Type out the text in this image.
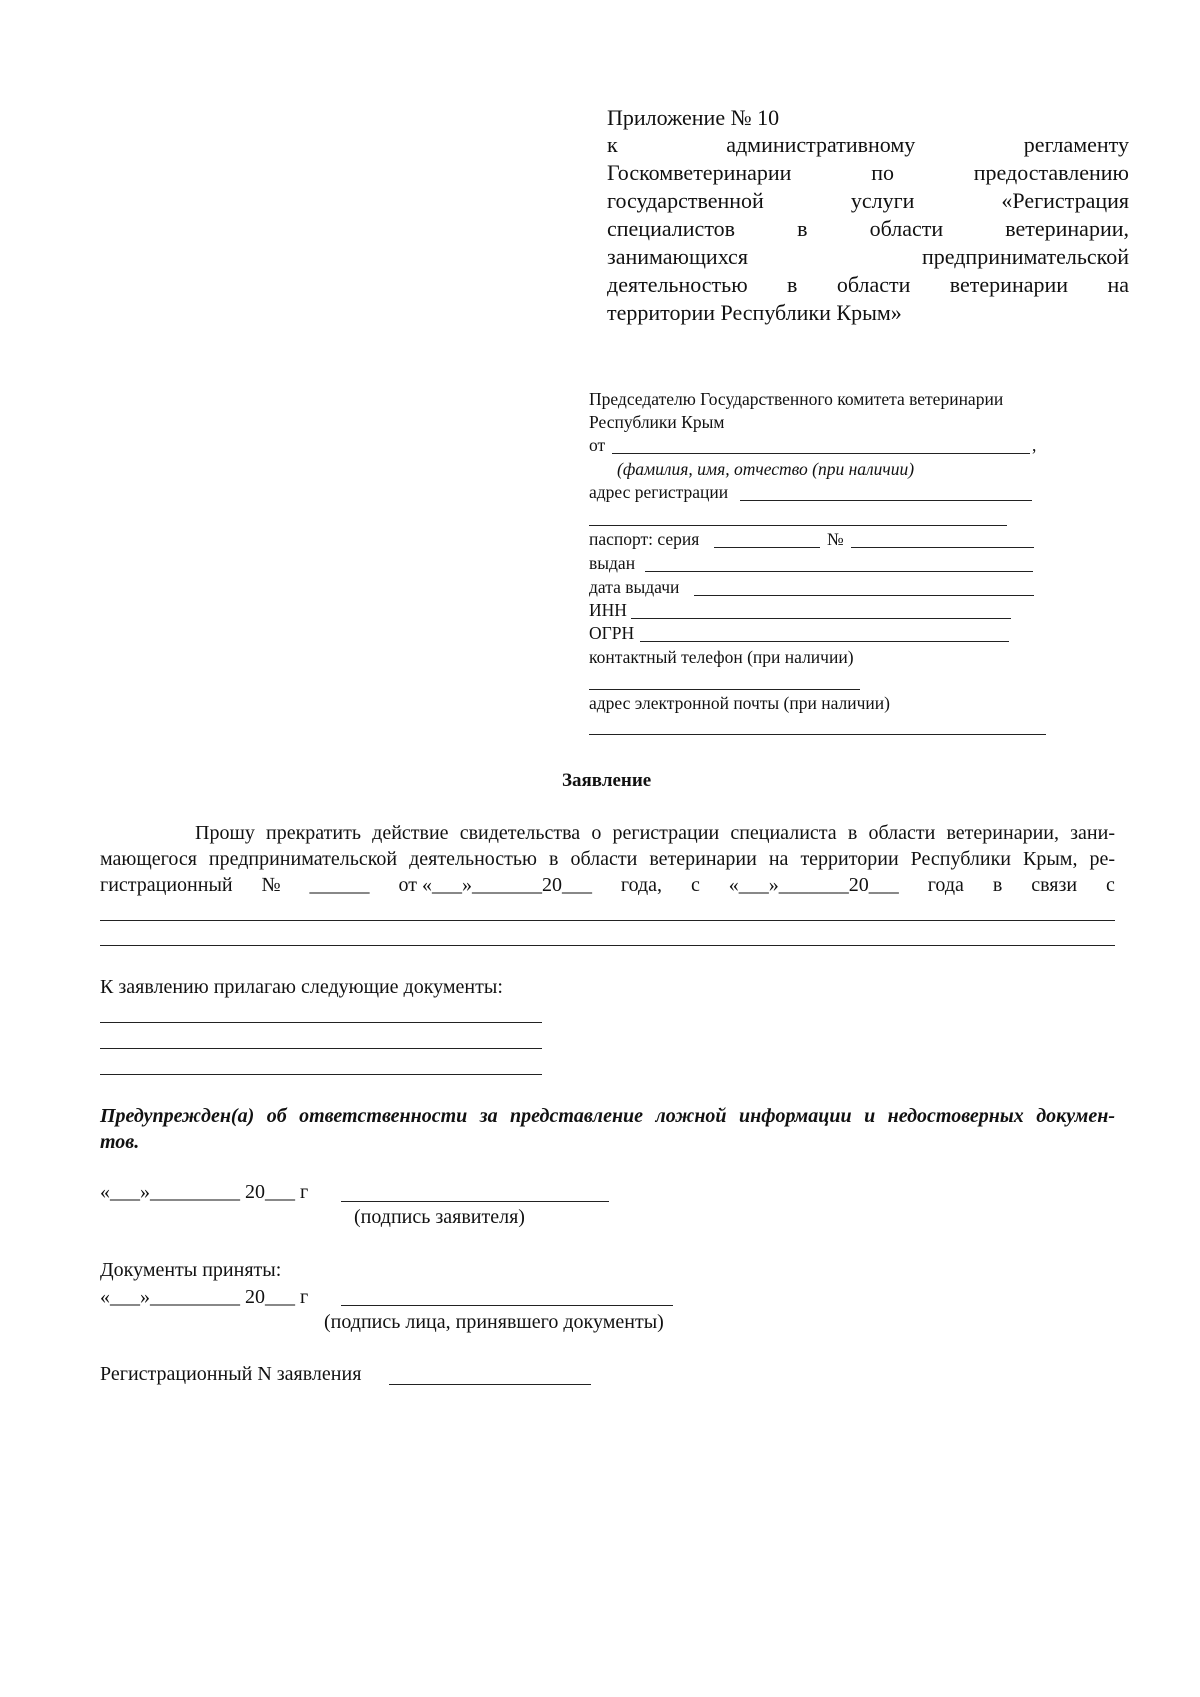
Приложение № 10
к административному регламенту
Госкомветеринарии по предоставлению
государственной услуги «Регистрация
специалистов в области ветеринарии,
занимающихся предпринимательской
деятельностью в области ветеринарии на
территории Республики Крым»
Председателю Государственного комитета ветеринарии
Республики Крым
от	,
(фамилия, имя, отчество (при наличии)
адрес регистрации
паспорт: серия	№
выдан
дата выдачи
ИНН
ОГРН
контактный телефон (при наличии)
адрес электронной почты (при наличии)
Заявление
Прошу прекратить действие свидетельства о регистрации специалиста в области ветеринарии, зани-
мающегося предпринимательской деятельностью в области ветеринарии на территории Республики Крым, ре-
гистрационный № ______ от «___»_______20___ года, с «___»_______20___ года в связи с
К заявлению прилагаю следующие документы:
Предупрежден(а) об ответственности за представление ложной информации и недостоверных докумен-
тов.
«___»_________ 20___ г
(подпись заявителя)
Документы приняты:
«___»_________ 20___ г
(подпись лица, принявшего документы)
Регистрационный N заявления
